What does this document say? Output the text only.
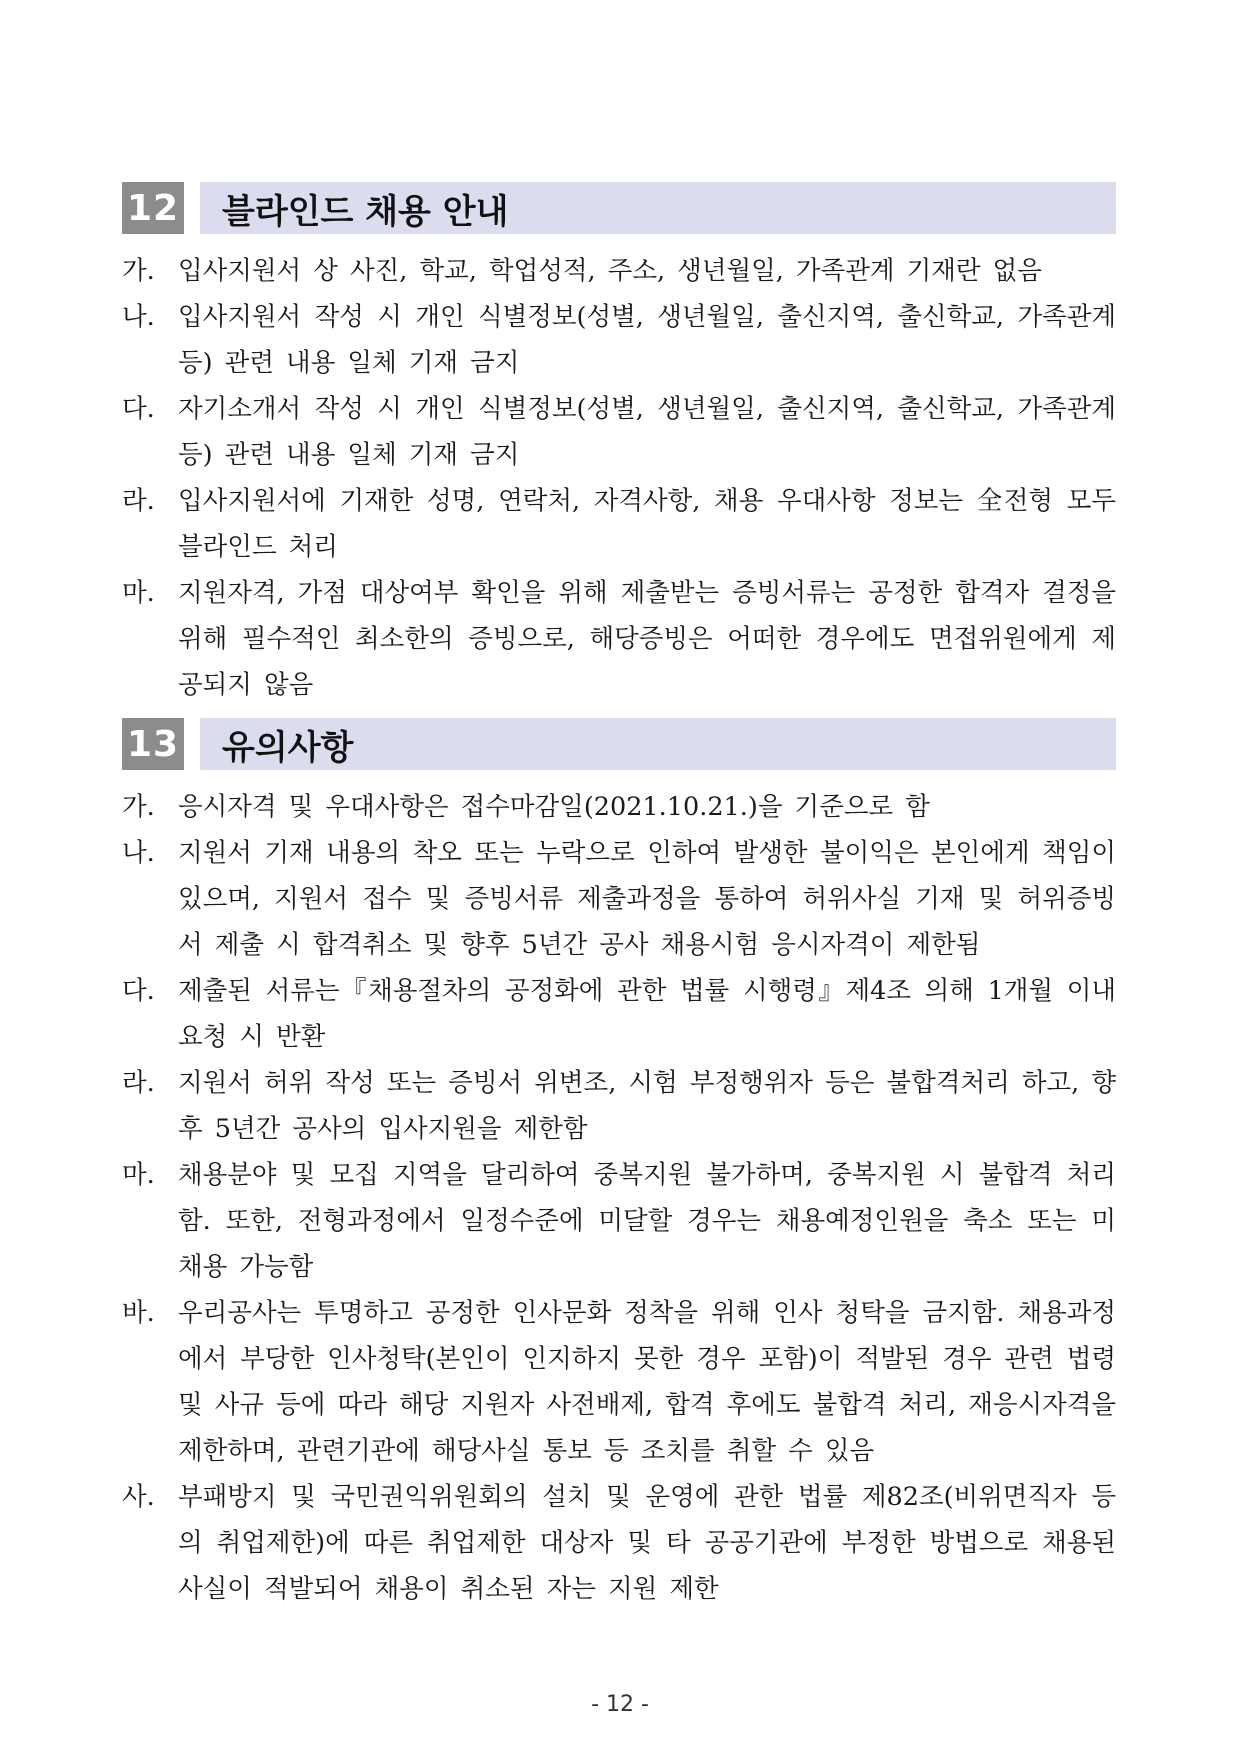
12 블라인드 채용 안내
가. 입사지원서 상 사진, 학교, 학업성적, 주소, 생년월일, 가족관계 기재란 없음
나. 입사지원서 작성 시 개인 식별정보(성별, 생년월일, 출신지역, 출신학교, 가족관계 등) 관련 내용 일체 기재 금지
다. 자기소개서 작성 시 개인 식별정보(성별, 생년월일, 출신지역, 출신학교, 가족관계 등) 관련 내용 일체 기재 금지
라. 입사지원서에 기재한 성명, 연락처, 자격사항, 채용 우대사항 정보는 全전형 모두 블라인드 처리
마. 지원자격, 가점 대상여부 확인을 위해 제출받는 증빙서류는 공정한 합격자 결정을 위해 필수적인 최소한의 증빙으로, 해당증빙은 어떠한 경우에도 면접위원에게 제공되지 않음
13 유의사항
가. 응시자격 및 우대사항은 접수마감일(2021.10.21.)을 기준으로 함
나. 지원서 기재 내용의 착오 또는 누락으로 인하여 발생한 불이익은 본인에게 책임이 있으며, 지원서 접수 및 증빙서류 제출과정을 통하여 허위사실 기재 및 허위증빙서 제출 시 합격취소 및 향후 5년간 공사 채용시험 응시자격이 제한됨
다. 제출된 서류는『채용절차의 공정화에 관한 법률 시행령』제4조 의해 1개월 이내 요청 시 반환
라. 지원서 허위 작성 또는 증빙서 위변조, 시험 부정행위자 등은 불합격처리 하고, 향후 5년간 공사의 입사지원을 제한함
마. 채용분야 및 모집 지역을 달리하여 중복지원 불가하며, 중복지원 시 불합격 처리함. 또한, 전형과정에서 일정수준에 미달할 경우는 채용예정인원을 축소 또는 미채용 가능함
바. 우리공사는 투명하고 공정한 인사문화 정착을 위해 인사 청탁을 금지함. 채용과정에서 부당한 인사청탁(본인이 인지하지 못한 경우 포함)이 적발된 경우 관련 법령 및 사규 등에 따라 해당 지원자 사전배제, 합격 후에도 불합격 처리, 재응시자격을 제한하며, 관련기관에 해당사실 통보 등 조치를 취할 수 있음
사. 부패방지 및 국민권익위원회의 설치 및 운영에 관한 법률 제82조(비위면직자 등의 취업제한)에 따른 취업제한 대상자 및 타 공공기관에 부정한 방법으로 채용된 사실이 적발되어 채용이 취소된 자는 지원 제한
- 12 -
